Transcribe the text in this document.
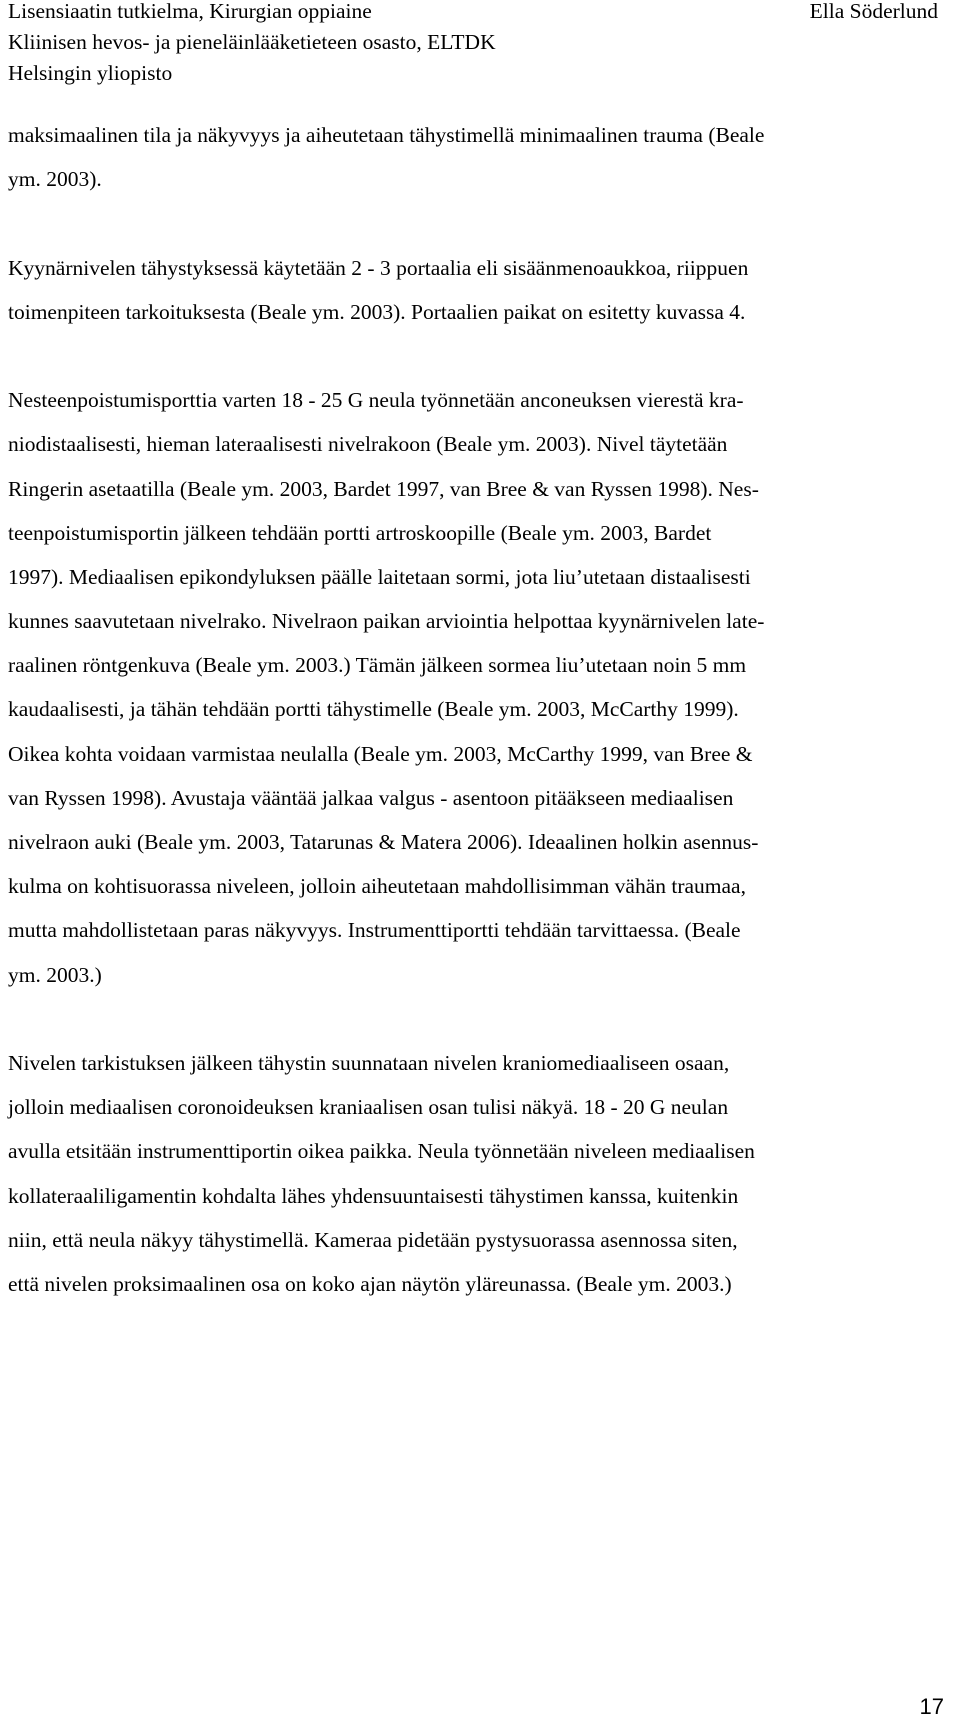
Lisensiaatin tutkielma, Kirurgian oppiaine
Kliinisen hevos- ja pieneläinlääketieteen osasto, ELTDK
Helsingin yliopisto
Ella Söderlund
maksimaalinen tila ja näkyvyys ja aiheutetaan tähystimellä minimaalinen trauma (Beale
ym. 2003).
Kyynärnivelen tähystyksessä käytetään 2 - 3 portaalia eli sisäänmenoaukkoa, riippuen
toimenpiteen tarkoituksesta (Beale ym. 2003). Portaalien paikat on esitetty kuvassa 4.
Nesteenpoistumisporttia varten 18 - 25 G neula työnnetään anconeuksen vierestä kra-
niodistaalisesti, hieman lateraalisesti nivelrakoon (Beale ym. 2003). Nivel täytetään
Ringerin asetaatilla (Beale ym. 2003, Bardet 1997, van Bree & van Ryssen 1998). Nes-
teenpoistumisportin jälkeen tehdään portti artroskoopille (Beale ym. 2003, Bardet
1997). Mediaalisen epikondyluksen päälle laitetaan sormi, jota liu’utetaan distaalisesti
kunnes saavutetaan nivelrako. Nivelraon paikan arviointia helpottaa kyynärnivelen late-
raalinen röntgenkuva (Beale ym. 2003.) Tämän jälkeen sormea liu’utetaan noin 5 mm
kaudaalisesti, ja tähän tehdään portti tähystimelle (Beale ym. 2003, McCarthy 1999).
Oikea kohta voidaan varmistaa neulalla (Beale ym. 2003, McCarthy 1999, van Bree &
van Ryssen 1998). Avustaja vääntää jalkaa valgus - asentoon pitääkseen mediaalisen
nivelraon auki (Beale ym. 2003, Tatarunas & Matera 2006). Ideaalinen holkin asennus-
kulma on kohtisuorassa niveleen, jolloin aiheutetaan mahdollisimman vähän traumaa,
mutta mahdollistetaan paras näkyvyys. Instrumenttiportti tehdään tarvittaessa. (Beale
ym. 2003.)
Nivelen tarkistuksen jälkeen tähystin suunnataan nivelen kraniomediaaliseen osaan,
jolloin mediaalisen coronoideuksen kraniaalisen osan tulisi näkyä. 18 - 20 G neulan
avulla etsitään instrumenttiportin oikea paikka. Neula työnnetään niveleen mediaalisen
kollateraaliligamentin kohdalta lähes yhdensuuntaisesti tähystimen kanssa, kuitenkin
niin, että neula näkyy tähystimellä. Kameraa pidetään pystysuorassa asennossa siten,
että nivelen proksimaalinen osa on koko ajan näytön yläreunassa. (Beale ym. 2003.)
17
